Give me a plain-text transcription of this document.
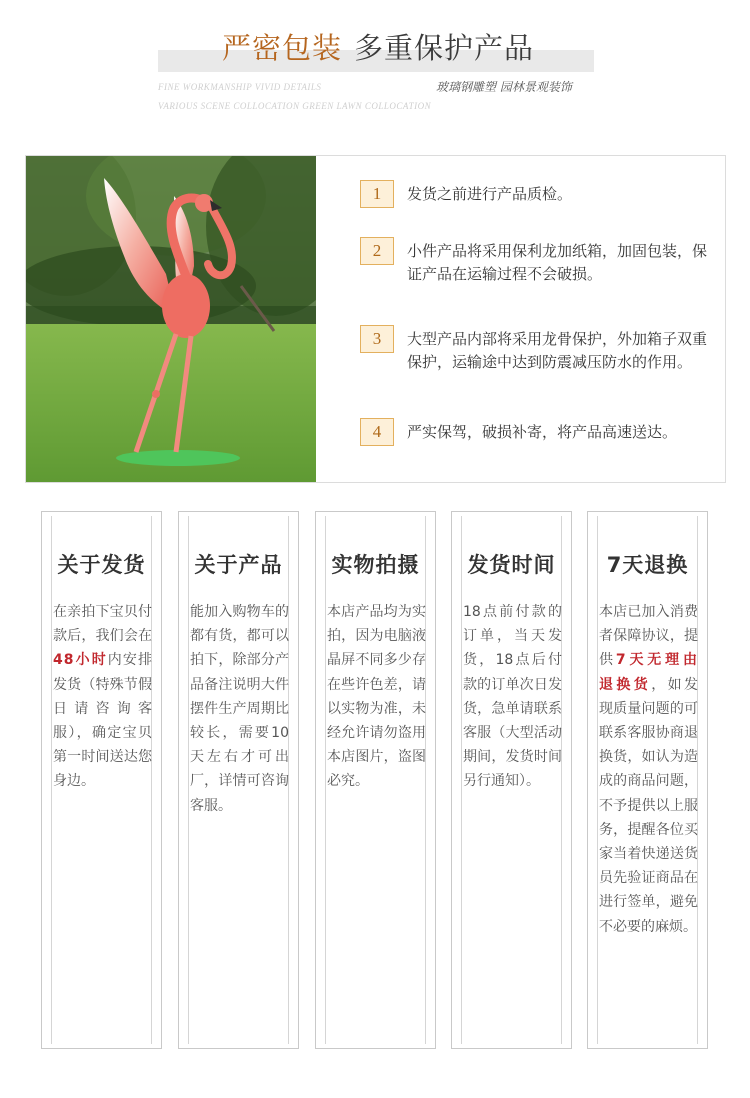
严密包装 多重保护产品
FINE WORKMANSHIP VIVID DETAILS
VARIOUS SCENE COLLOCATION GREEN LAWN COLLOCATION
玻璃钢雕塑 园林景观装饰
1	发货之前进行产品质检。
2	小件产品将采用保利龙加纸箱，加固包装，保证产品在运输过程不会破损。
3	大型产品内部将采用龙骨保护，外加箱子双重保护，运输途中达到防震减压防水的作用。
4	严实保驾，破损补寄，将产品高速送达。
关于发货
在亲拍下宝贝付款后，我们会在48小时内安排发货（特殊节假日请咨询客服），确定宝贝第一时间送达您身边。
关于产品
能加入购物车的都有货，都可以拍下，除部分产品备注说明大件摆件生产周期比较长，需要10天左右才可出厂，详情可咨询客服。
实物拍摄
本店产品均为实拍，因为电脑液晶屏不同多少存在些许色差，请以实物为准，未经允许请勿盗用本店图片，盗图必究。
发货时间
18点前付款的订单，当天发货，18点后付款的订单次日发货，急单请联系客服（大型活动期间，发货时间另行通知）。
7天退换
本店已加入消费者保障协议，提供7天无理由退换货，如发现质量问题的可联系客服协商退换货，如认为造成的商品问题，不予提供以上服务，提醒各位买家当着快递送货员先验证商品在进行签单，避免不必要的麻烦。
